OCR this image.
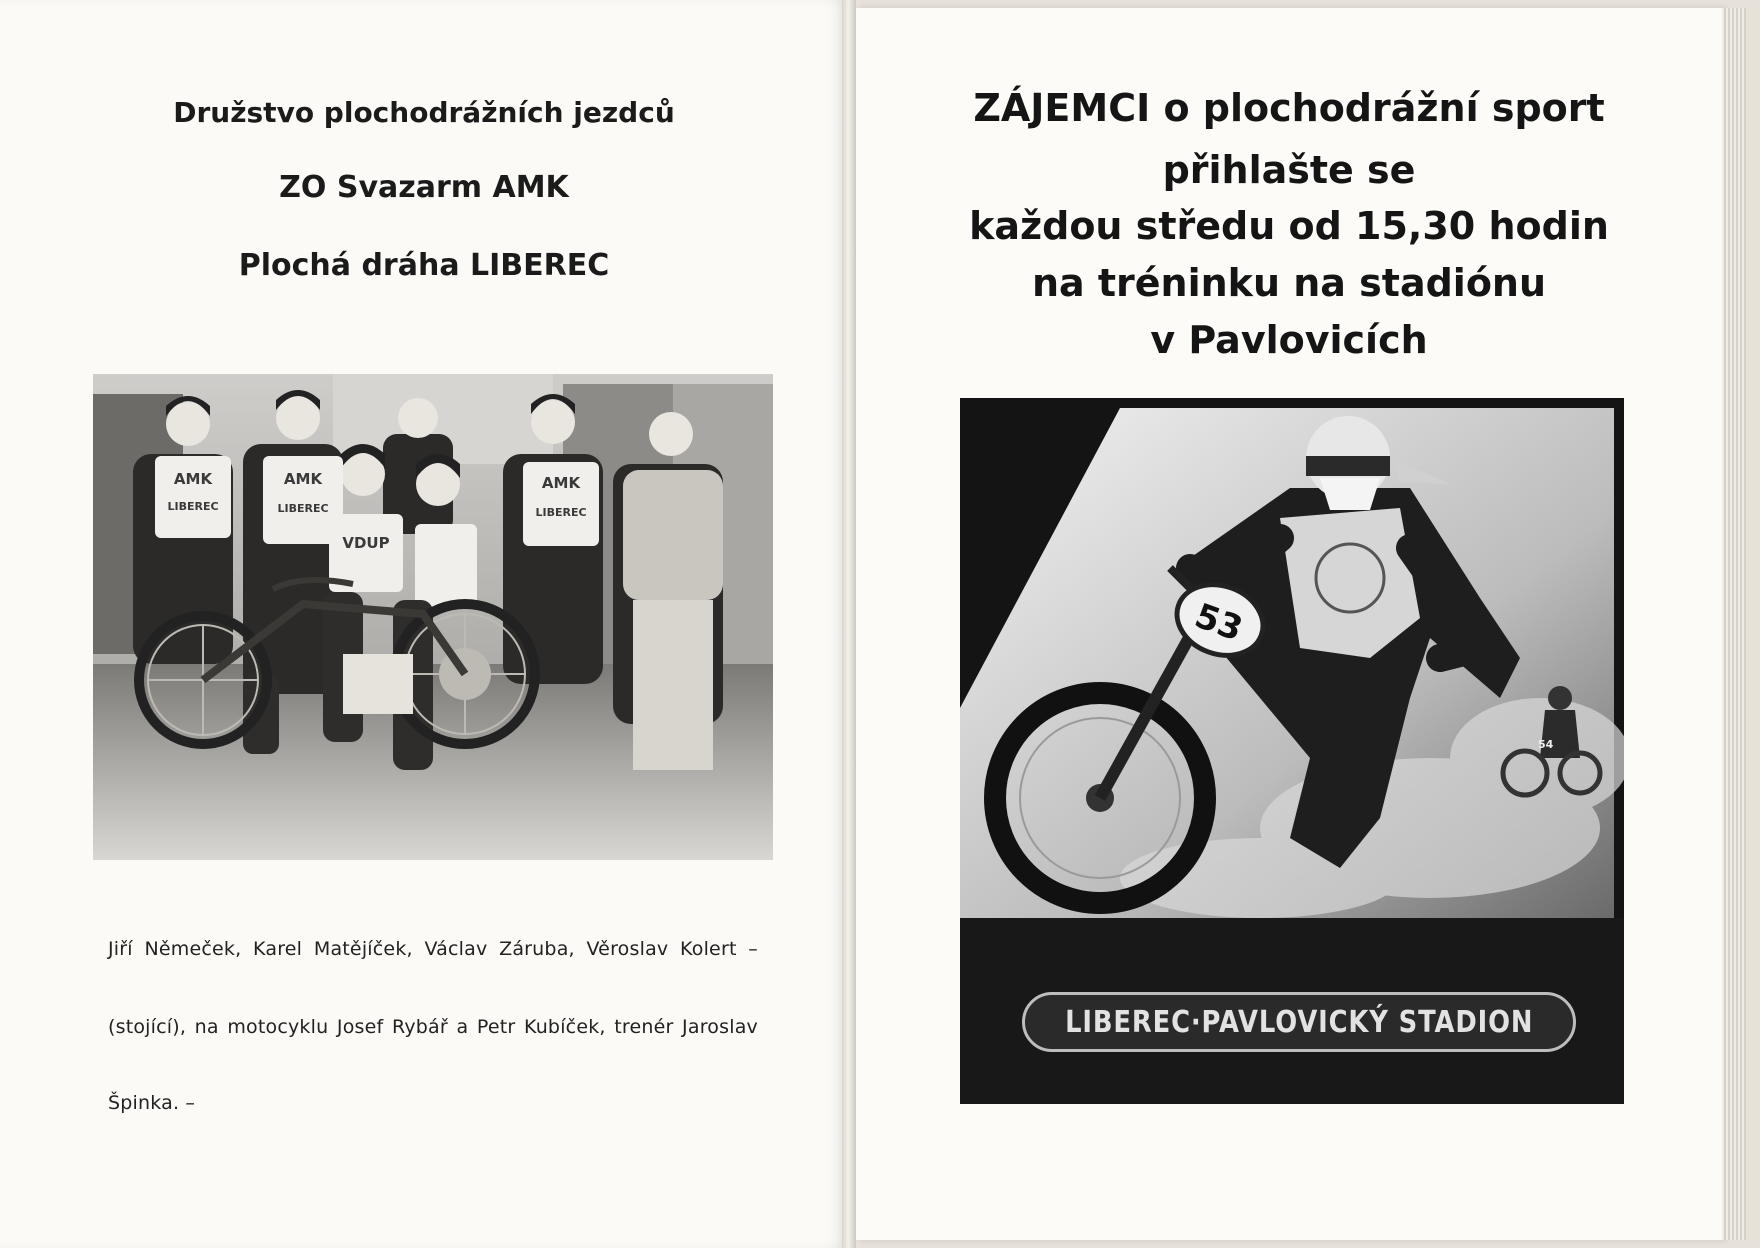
Družstvo plochodrážních jezdců
ZO Svazarm AMK
Plochá dráha LIBEREC
AMK
LIBEREC
AMK
LIBEREC
VDUP
AMK
LIBEREC

Jiří Němeček, Karel Matějíček, Václav Záruba, Věroslav Kolert –

(stojící), na motocyklu Josef Rybář a Petr Kubíček, trenér Jaroslav

Špinka. –

ZÁJEMCI o plochodrážní sport

přihlašte se

každou středu od 15,30 hodin

na tréninku na stadiónu

v Pavlovicích

54
53
LIBEREC·PAVLOVICKÝ STADION
